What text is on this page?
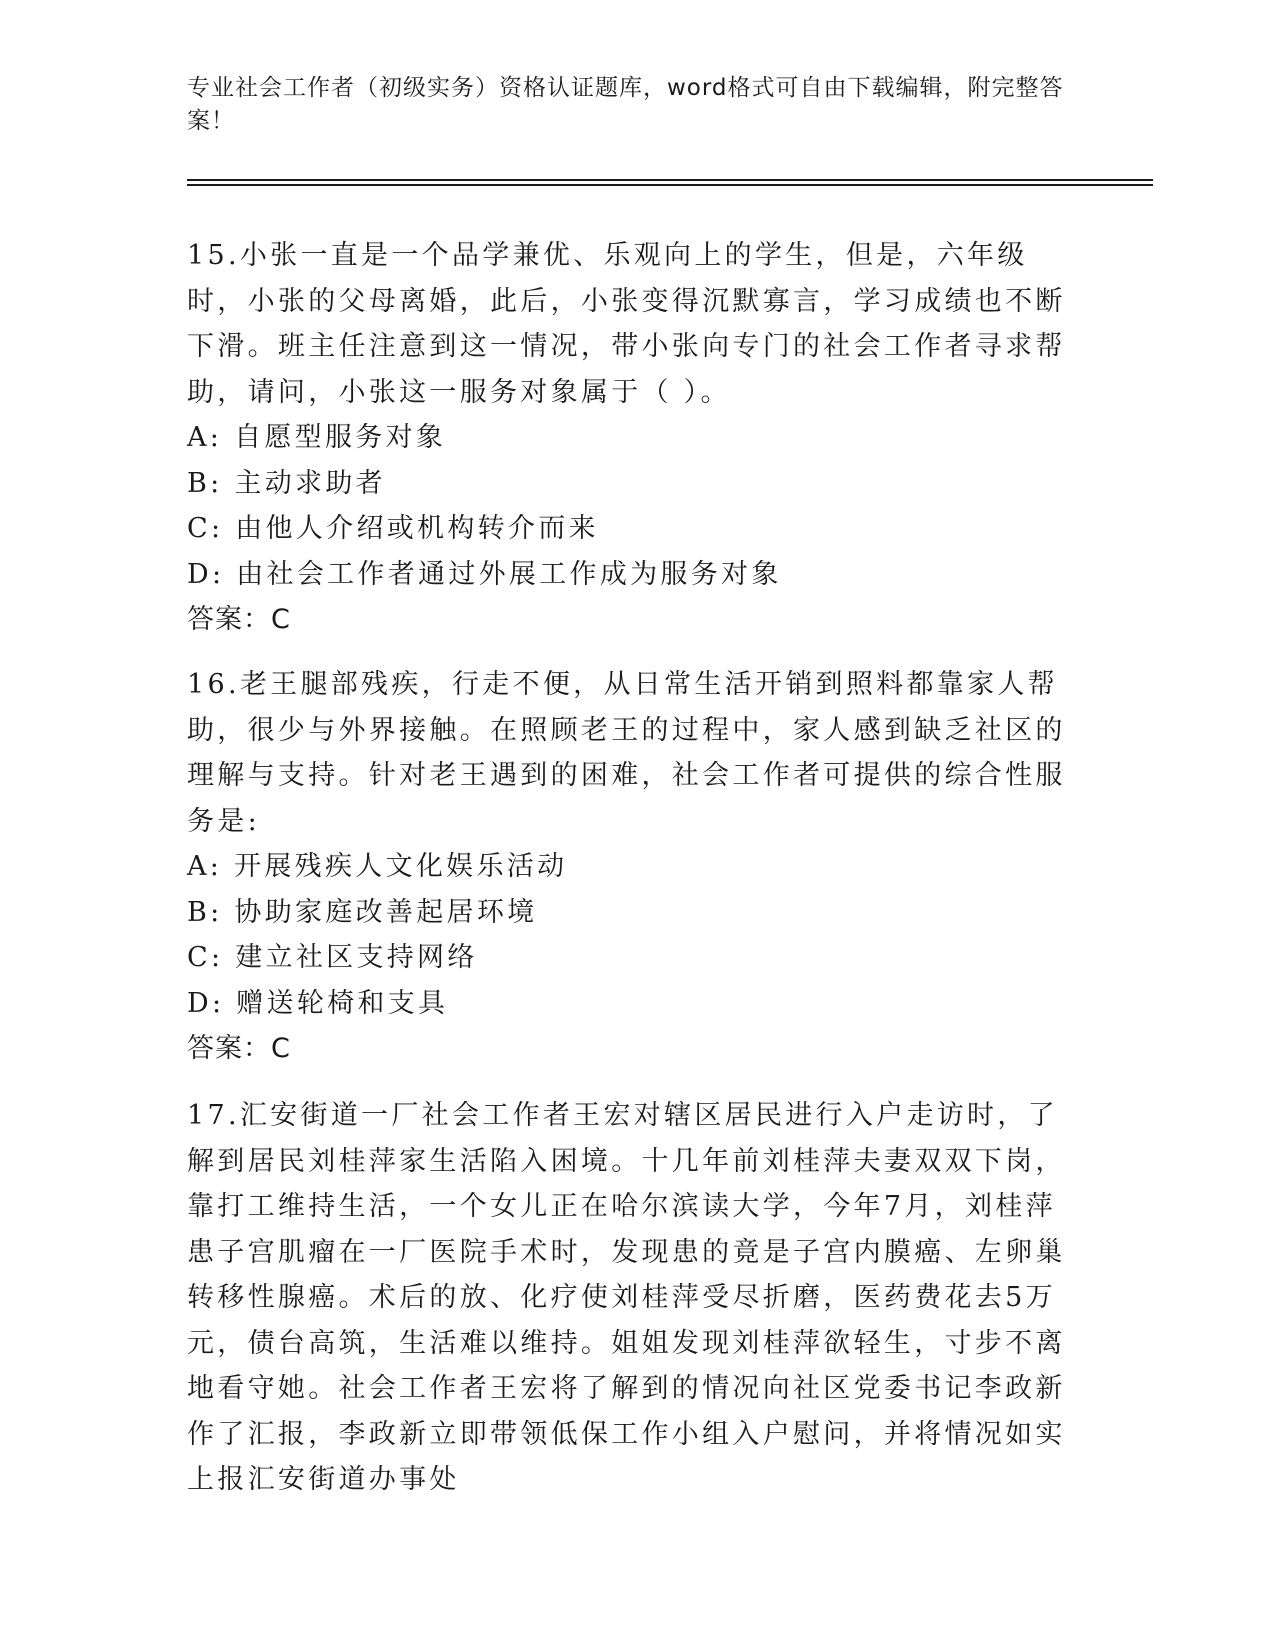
专业社会工作者（初级实务）资格认证题库，word格式可自由下载编辑，附完整答案！

15.小张一直是一个品学兼优、乐观向上的学生，但是，六年级时，小张的父母离婚，此后，小张变得沉默寡言，学习成绩也不断下滑。班主任注意到这一情况，带小张向专门的社会工作者寻求帮助，请问，小张这一服务对象属于（ ）。

A: 自愿型服务对象

B: 主动求助者

C: 由他人介绍或机构转介而来

D: 由社会工作者通过外展工作成为服务对象

答案：C

16.老王腿部残疾，行走不便，从日常生活开销到照料都靠家人帮助，很少与外界接触。在照顾老王的过程中，家人感到缺乏社区的理解与支持。针对老王遇到的困难，社会工作者可提供的综合性服务是:

A: 开展残疾人文化娱乐活动

B: 协助家庭改善起居环境

C: 建立社区支持网络

D: 赠送轮椅和支具

答案：C

17.汇安街道一厂社会工作者王宏对辖区居民进行入户走访时，了解到居民刘桂萍家生活陷入困境。十几年前刘桂萍夫妻双双下岗，靠打工维持生活，一个女儿正在哈尔滨读大学，今年7月，刘桂萍患子宫肌瘤在一厂医院手术时，发现患的竟是子宫内膜癌、左卵巢转移性腺癌。术后的放、化疗使刘桂萍受尽折磨，医药费花去5万元，债台高筑，生活难以维持。姐姐发现刘桂萍欲轻生，寸步不离地看守她。社会工作者王宏将了解到的情况向社区党委书记李政新作了汇报，李政新立即带领低保工作小组入户慰问，并将情况如实上报汇安街道办事处
